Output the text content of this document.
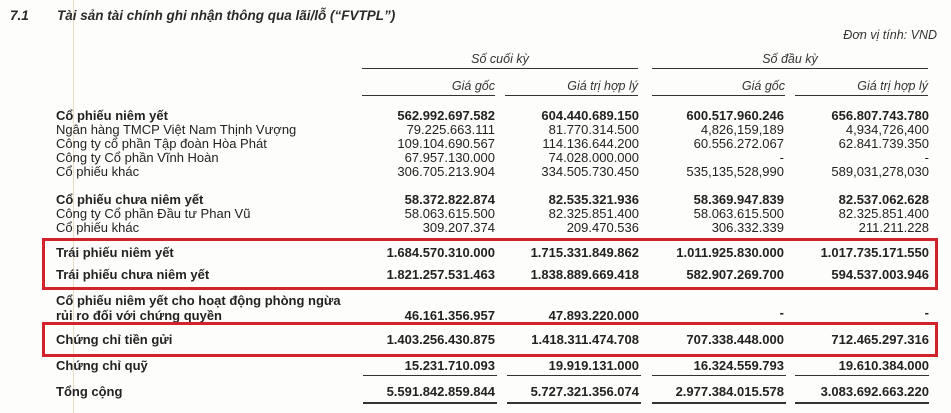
7.1 Tài sản tài chính ghi nhận thông qua lãi/lỗ (“FVTPL”)
Đơn vị tính: VND
Số cuối kỳ	Số đầu kỳ
Giá gốc	Giá trị hợp lý	Giá gốc	Giá trị hợp lý
Cổ phiếu niêm yết	562.992.697.582	604.440.689.150	600.517.960.246	656.807.743.780
Ngân hàng TMCP Việt Nam Thịnh Vượng	79.225.663.111	81.770.314.500	4,826,159,189	4,934,726,400
Công ty cổ phần Tập đoàn Hòa Phát	109.104.690.567	114.136.644.200	60.556.272.067	62.841.739.350
Công ty Cổ phần Vĩnh Hoàn	67.957.130.000	74.028.000.000	-	-
Cổ phiếu khác	306.705.213.904	334.505.730.450	535,135,528,990	589,031,278,030
Cổ phiếu chưa niêm yết	58.372.822.874	82.535.321.936	58.369.947.839	82.537.062.628
Công ty Cổ phần Đầu tư Phan Vũ	58.063.615.500	82.325.851.400	58.063.615.500	82.325.851.400
Cổ phiếu khác	309.207.374	209.470.536	306.332.339	211.211.228
Trái phiếu niêm yết	1.684.570.310.000	1.715.331.849.862	1.011.925.830.000	1.017.735.171.550
Trái phiếu chưa niêm yết	1.821.257.531.463	1.838.889.669.418	582.907.269.700	594.537.003.946
Cổ phiếu niêm yết cho hoạt động phòng ngừa
rủi ro đối với chứng quyền	46.161.356.957	47.893.220.000	-	-
Chứng chỉ tiền gửi	1.403.256.430.875	1.418.311.474.708	707.338.448.000	712.465.297.316
Chứng chỉ quỹ	15.231.710.093	19.919.131.000	16.324.559.793	19.610.384.000
Tổng cộng	5.591.842.859.844	5.727.321.356.074	2.977.384.015.578	3.083.692.663.220
